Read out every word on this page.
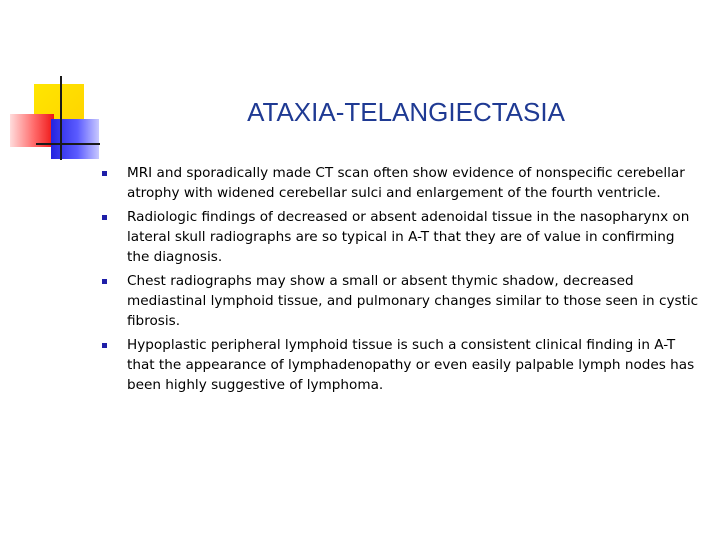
ATAXIA-TELANGIECTASIA
MRI and sporadically made CT scan often show evidence of nonspecific cerebellar atrophy with widened cerebellar sulci and enlargement of the fourth ventricle.
Radiologic findings of decreased or absent adenoidal tissue in the nasopharynx on lateral skull radiographs are so typical in A-T that they are of value in confirming the diagnosis.
Chest radiographs may show a small or absent thymic shadow, decreased mediastinal lymphoid tissue, and pulmonary changes similar to those seen in cystic fibrosis.
Hypoplastic peripheral lymphoid tissue is such a consistent clinical finding in A-T that the appearance of lymphadenopathy or even easily palpable lymph nodes has been highly suggestive of lymphoma.
